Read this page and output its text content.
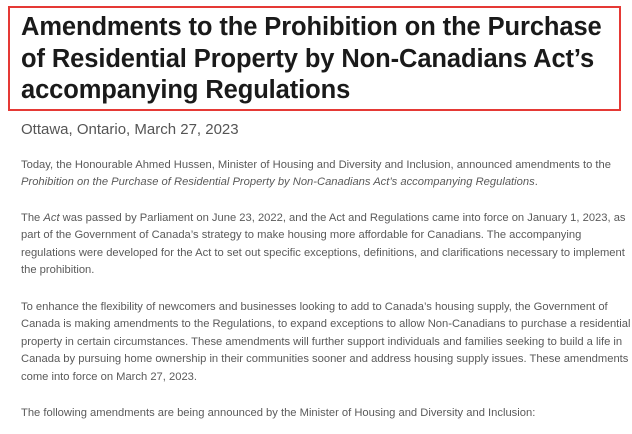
Amendments to the Prohibition on the Purchase of Residential Property by Non-Canadians Act’s accompanying Regulations

Ottawa, Ontario, March 27, 2023

Today, the Honourable Ahmed Hussen, Minister of Housing and Diversity and Inclusion, announced amendments to the Prohibition on the Purchase of Residential Property by Non-Canadians Act’s accompanying Regulations.

The Act was passed by Parliament on June 23, 2022, and the Act and Regulations came into force on January 1, 2023, as part of the Government of Canada’s strategy to make housing more affordable for Canadians. The accompanying regulations were developed for the Act to set out specific exceptions, definitions, and clarifications necessary to implement the prohibition.

To enhance the flexibility of newcomers and businesses looking to add to Canada’s housing supply, the Government of Canada is making amendments to the Regulations, to expand exceptions to allow Non-Canadians to purchase a residential property in certain circumstances. These amendments will further support individuals and families seeking to build a life in Canada by pursuing home ownership in their communities sooner and address housing supply issues. These amendments come into force on March 27, 2023.

The following amendments are being announced by the Minister of Housing and Diversity and Inclusion:
